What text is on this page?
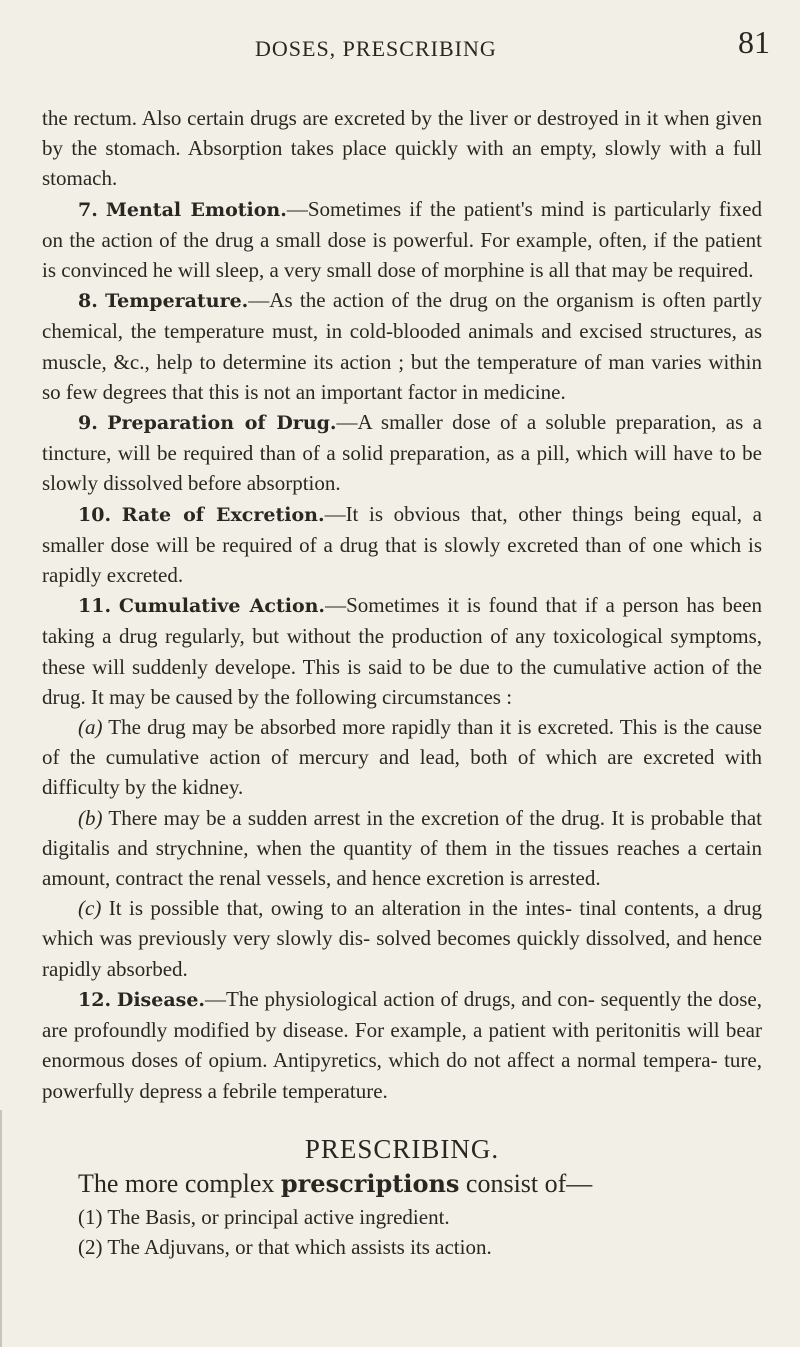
DOSES, PRESCRIBING	81

the rectum. Also certain drugs are excreted by the liver or destroyed in it when given by the stomach. Absorption takes place quickly with an empty, slowly with a full stomach.

7. Mental Emotion.—Sometimes if the patient's mind is particularly fixed on the action of the drug a small dose is powerful. For example, often, if the patient is convinced he will sleep, a very small dose of morphine is all that may be required.

8. Temperature.—As the action of the drug on the organism is often partly chemical, the temperature must, in cold-blooded animals and excised structures, as muscle, &c., help to determine its action ; but the temperature of man varies within so few degrees that this is not an important factor in medicine.

9. Preparation of Drug.—A smaller dose of a soluble preparation, as a tincture, will be required than of a solid preparation, as a pill, which will have to be slowly dissolved before absorption.

10. Rate of Excretion.—It is obvious that, other things being equal, a smaller dose will be required of a drug that is slowly excreted than of one which is rapidly excreted.

11. Cumulative Action.—Sometimes it is found that if a person has been taking a drug regularly, but without the production of any toxicological symptoms, these will suddenly develope. This is said to be due to the cumulative action of the drug. It may be caused by the following circumstances :

(a) The drug may be absorbed more rapidly than it is excreted. This is the cause of the cumulative action of mercury and lead, both of which are excreted with difficulty by the kidney.

(b) There may be a sudden arrest in the excretion of the drug. It is probable that digitalis and strychnine, when the quantity of them in the tissues reaches a certain amount, contract the renal vessels, and hence excretion is arrested.

(c) It is possible that, owing to an alteration in the intes- tinal contents, a drug which was previously very slowly dis- solved becomes quickly dissolved, and hence rapidly absorbed.

12. Disease.—The physiological action of drugs, and con- sequently the dose, are profoundly modified by disease. For example, a patient with peritonitis will bear enormous doses of opium. Antipyretics, which do not affect a normal tempera- ture, powerfully depress a febrile temperature.

PRESCRIBING.

The more complex prescriptions consist of—

(1) The Basis, or principal active ingredient.

(2) The Adjuvans, or that which assists its action.
